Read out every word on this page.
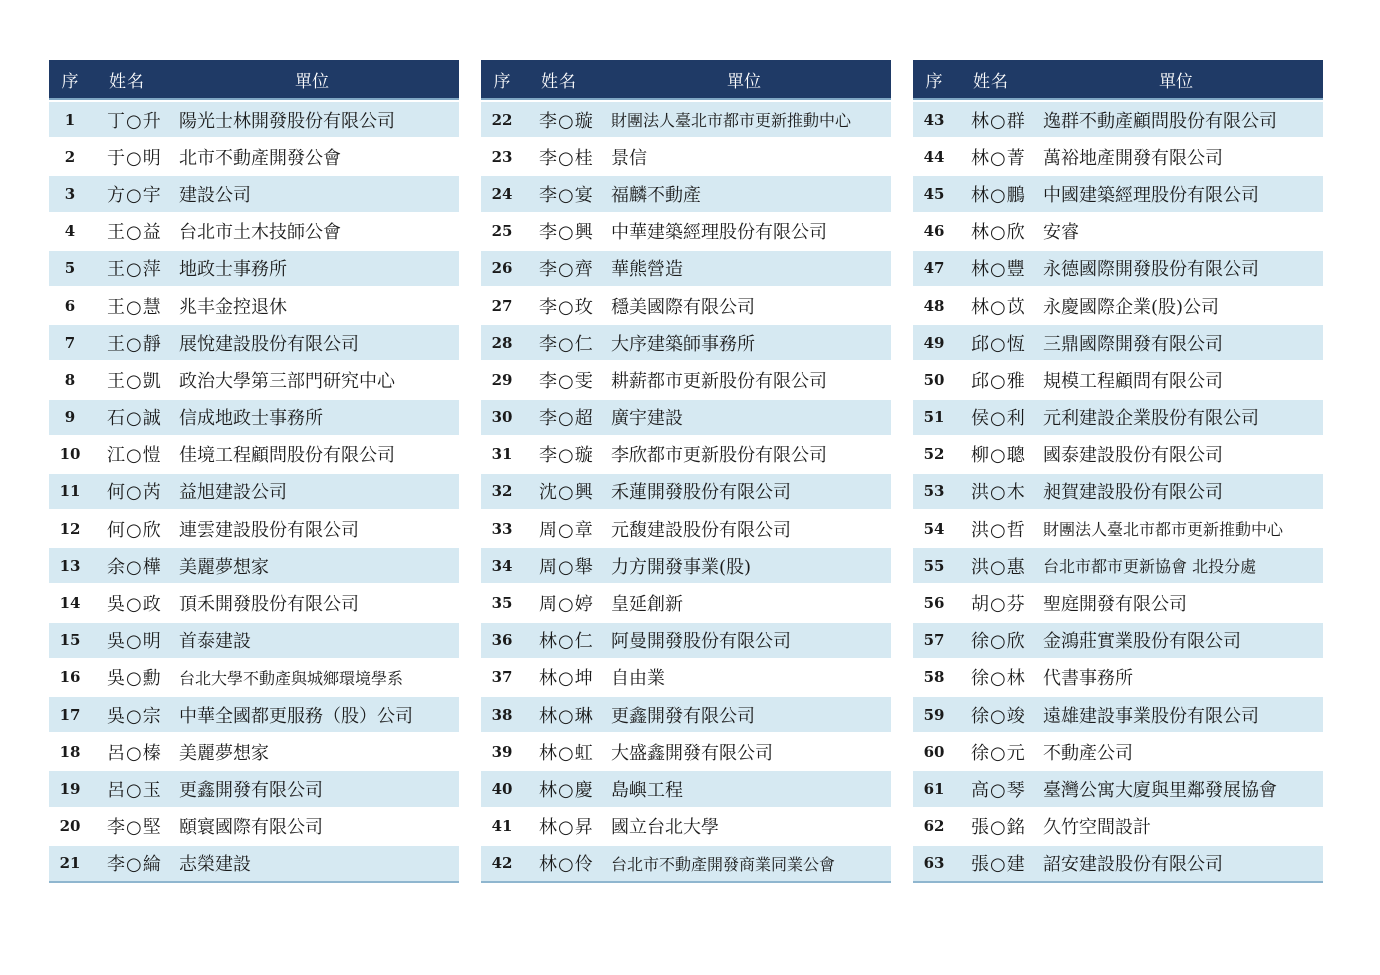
序	姓名	單位
1	丁○升 陽光士林開發股份有限公司
2	于○明 北市不動產開發公會
3	方○宇 建設公司
4	王○益 台北市土木技師公會
5	王○萍 地政士事務所
6	王○慧 兆丰金控退休
7	王○靜 展悅建設股份有限公司
8	王○凱 政治大學第三部門研究中心
9	石○誠 信成地政士事務所
10	江○愷 佳境工程顧問股份有限公司
11	何○芮 益旭建設公司
12	何○欣 連雲建設股份有限公司
13	余○樺 美麗夢想家
14	吳○政 頂禾開發股份有限公司
15	吳○明 首泰建設
16	吳○勳	台北大學不動產與城鄉環境學系
17	吳○宗 中華全國都更服務（股）公司
18	呂○榛 美麗夢想家
19	呂○玉 更鑫開發有限公司
20	李○堅 頤寰國際有限公司
21	李○綸 志榮建設
序	姓名	單位
22	李○璇	財團法人臺北市都市更新推動中心
23	李○桂 景信
24	李○宴 福麟不動產
25	李○興 中華建築經理股份有限公司
26	李○齊 華熊營造
27	李○玫 穩美國際有限公司
28	李○仁 大序建築師事務所
29	李○雯 耕薪都市更新股份有限公司
30	李○超 廣宇建設
31	李○璇 李欣都市更新股份有限公司
32	沈○興 禾蓮開發股份有限公司
33	周○章 元馥建設股份有限公司
34	周○舉 力方開發事業(股)
35	周○婷 皇延創新
36	林○仁 阿曼開發股份有限公司
37	林○坤 自由業
38	林○琳 更鑫開發有限公司
39	林○虹 大盛鑫開發有限公司
40	林○慶 島嶼工程
41	林○昇 國立台北大學
42	林○伶	台北市不動產開發商業同業公會
序	姓名	單位
43	林○群 逸群不動產顧問股份有限公司
44	林○菁 萬裕地產開發有限公司
45	林○鵬 中國建築經理股份有限公司
46	林○欣 安睿
47	林○豐 永德國際開發股份有限公司
48	林○苡 永慶國際企業(股)公司
49	邱○恆 三鼎國際開發有限公司
50	邱○雅 規模工程顧問有限公司
51	侯○利 元利建設企業股份有限公司
52	柳○聰 國泰建設股份有限公司
53	洪○木 昶賀建設股份有限公司
54	洪○哲	財團法人臺北市都市更新推動中心
55	洪○惠	台北市都市更新協會 北投分處
56	胡○芬 聖庭開發有限公司
57	徐○欣 金鴻莊實業股份有限公司
58	徐○林 代書事務所
59	徐○竣 遠雄建設事業股份有限公司
60	徐○元 不動產公司
61	高○琴 臺灣公寓大廈與里鄰發展協會
62	張○銘 久竹空間設計
63	張○建 詔安建設股份有限公司
